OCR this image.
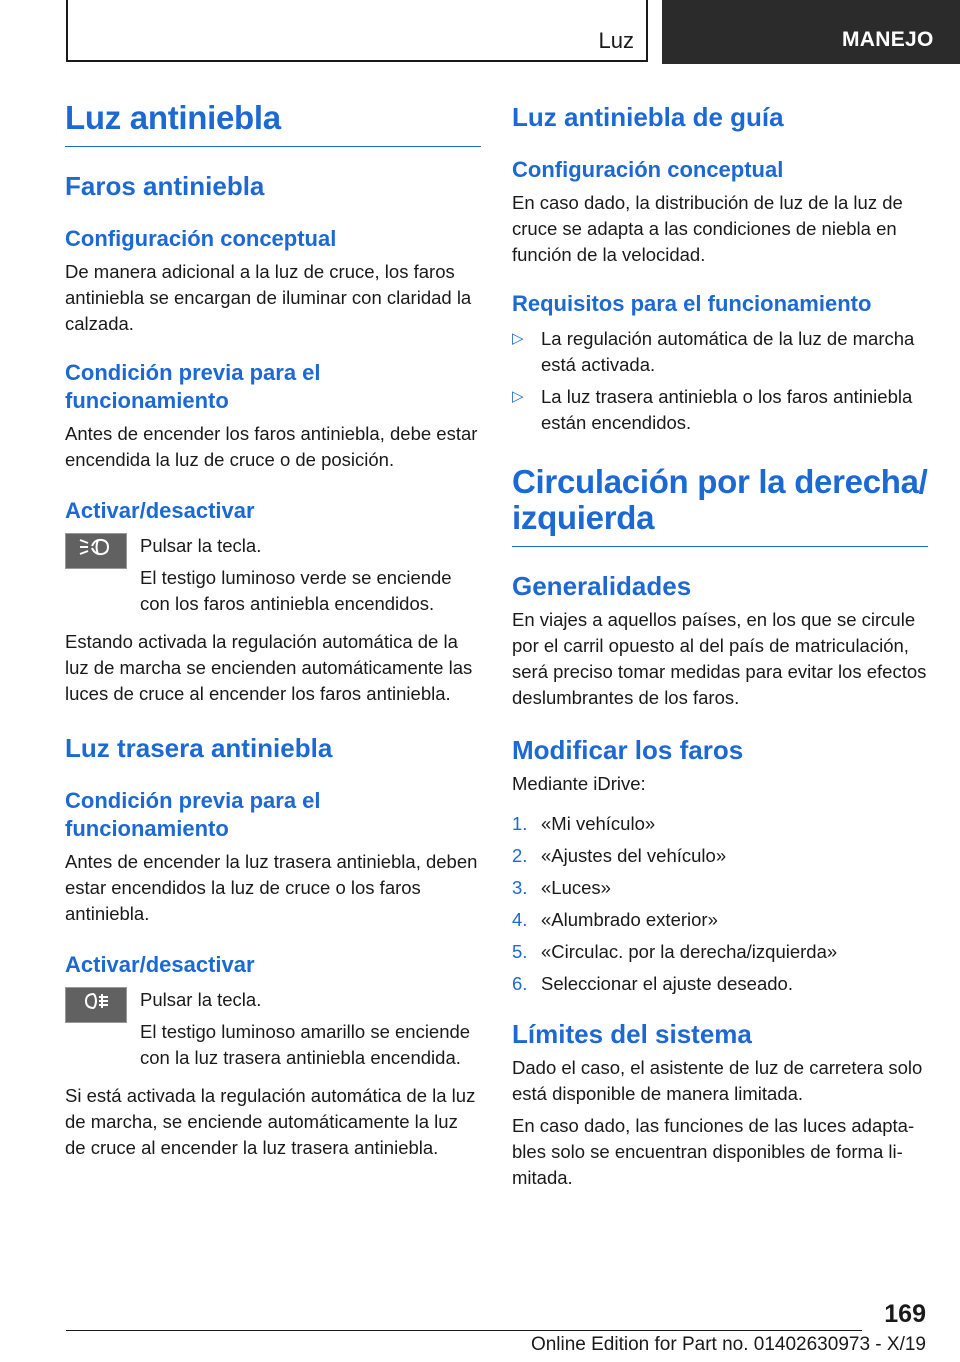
Luz	MANEJO
Luz antiniebla
Faros antiniebla
Configuración conceptual

De manera adicional a la luz de cruce, los faros antiniebla se encargan de iluminar con claridad la calzada.

Condición previa para el funcionamiento

Antes de encender los faros antiniebla, debe estar encendida la luz de cruce o de posición.

Activar/desactivar

Pulsar la tecla.

El testigo luminoso verde se enciende con los faros antiniebla encendidos.

Estando activada la regulación automática de la luz de marcha se encienden automáticamente las luces de cruce al encender los faros antiniebla.

Luz trasera antiniebla
Condición previa para el funcionamiento

Antes de encender la luz trasera antiniebla, deben estar encendidos la luz de cruce o los faros antiniebla.

Activar/desactivar

Pulsar la tecla.

El testigo luminoso amarillo se enciende con la luz trasera antiniebla encendida.

Si está activada la regulación automática de la luz de marcha, se enciende automáticamente la luz de cruce al encender la luz trasera antiniebla.

Luz antiniebla de guía
Configuración conceptual

En caso dado, la distribución de luz de la luz de cruce se adapta a las condiciones de niebla en función de la velocidad.

Requisitos para el funcionamiento
▷ La regulación automática de la luz de marcha está activada.
▷ La luz trasera antiniebla o los faros antiniebla están encendidos.
Circulación por la derecha/ izquierda
Generalidades

En viajes a aquellos países, en los que se circule por el carril opuesto al del país de matriculación, será preciso tomar medidas para evitar los efectos deslumbrantes de los faros.

Modificar los faros

Mediante iDrive:

1. «Mi vehículo»
2. «Ajustes del vehículo»
3. «Luces»
4. «Alumbrado exterior»
5. «Circulac. por la derecha/izquierda»
6. Seleccionar el ajuste deseado.
Límites del sistema

Dado el caso, el asistente de luz de carretera solo está disponible de manera limitada.

En caso dado, las funciones de las luces adaptables solo se encuentran disponibles de forma limitada.

169
Online Edition for Part no. 01402630973 - X/19
